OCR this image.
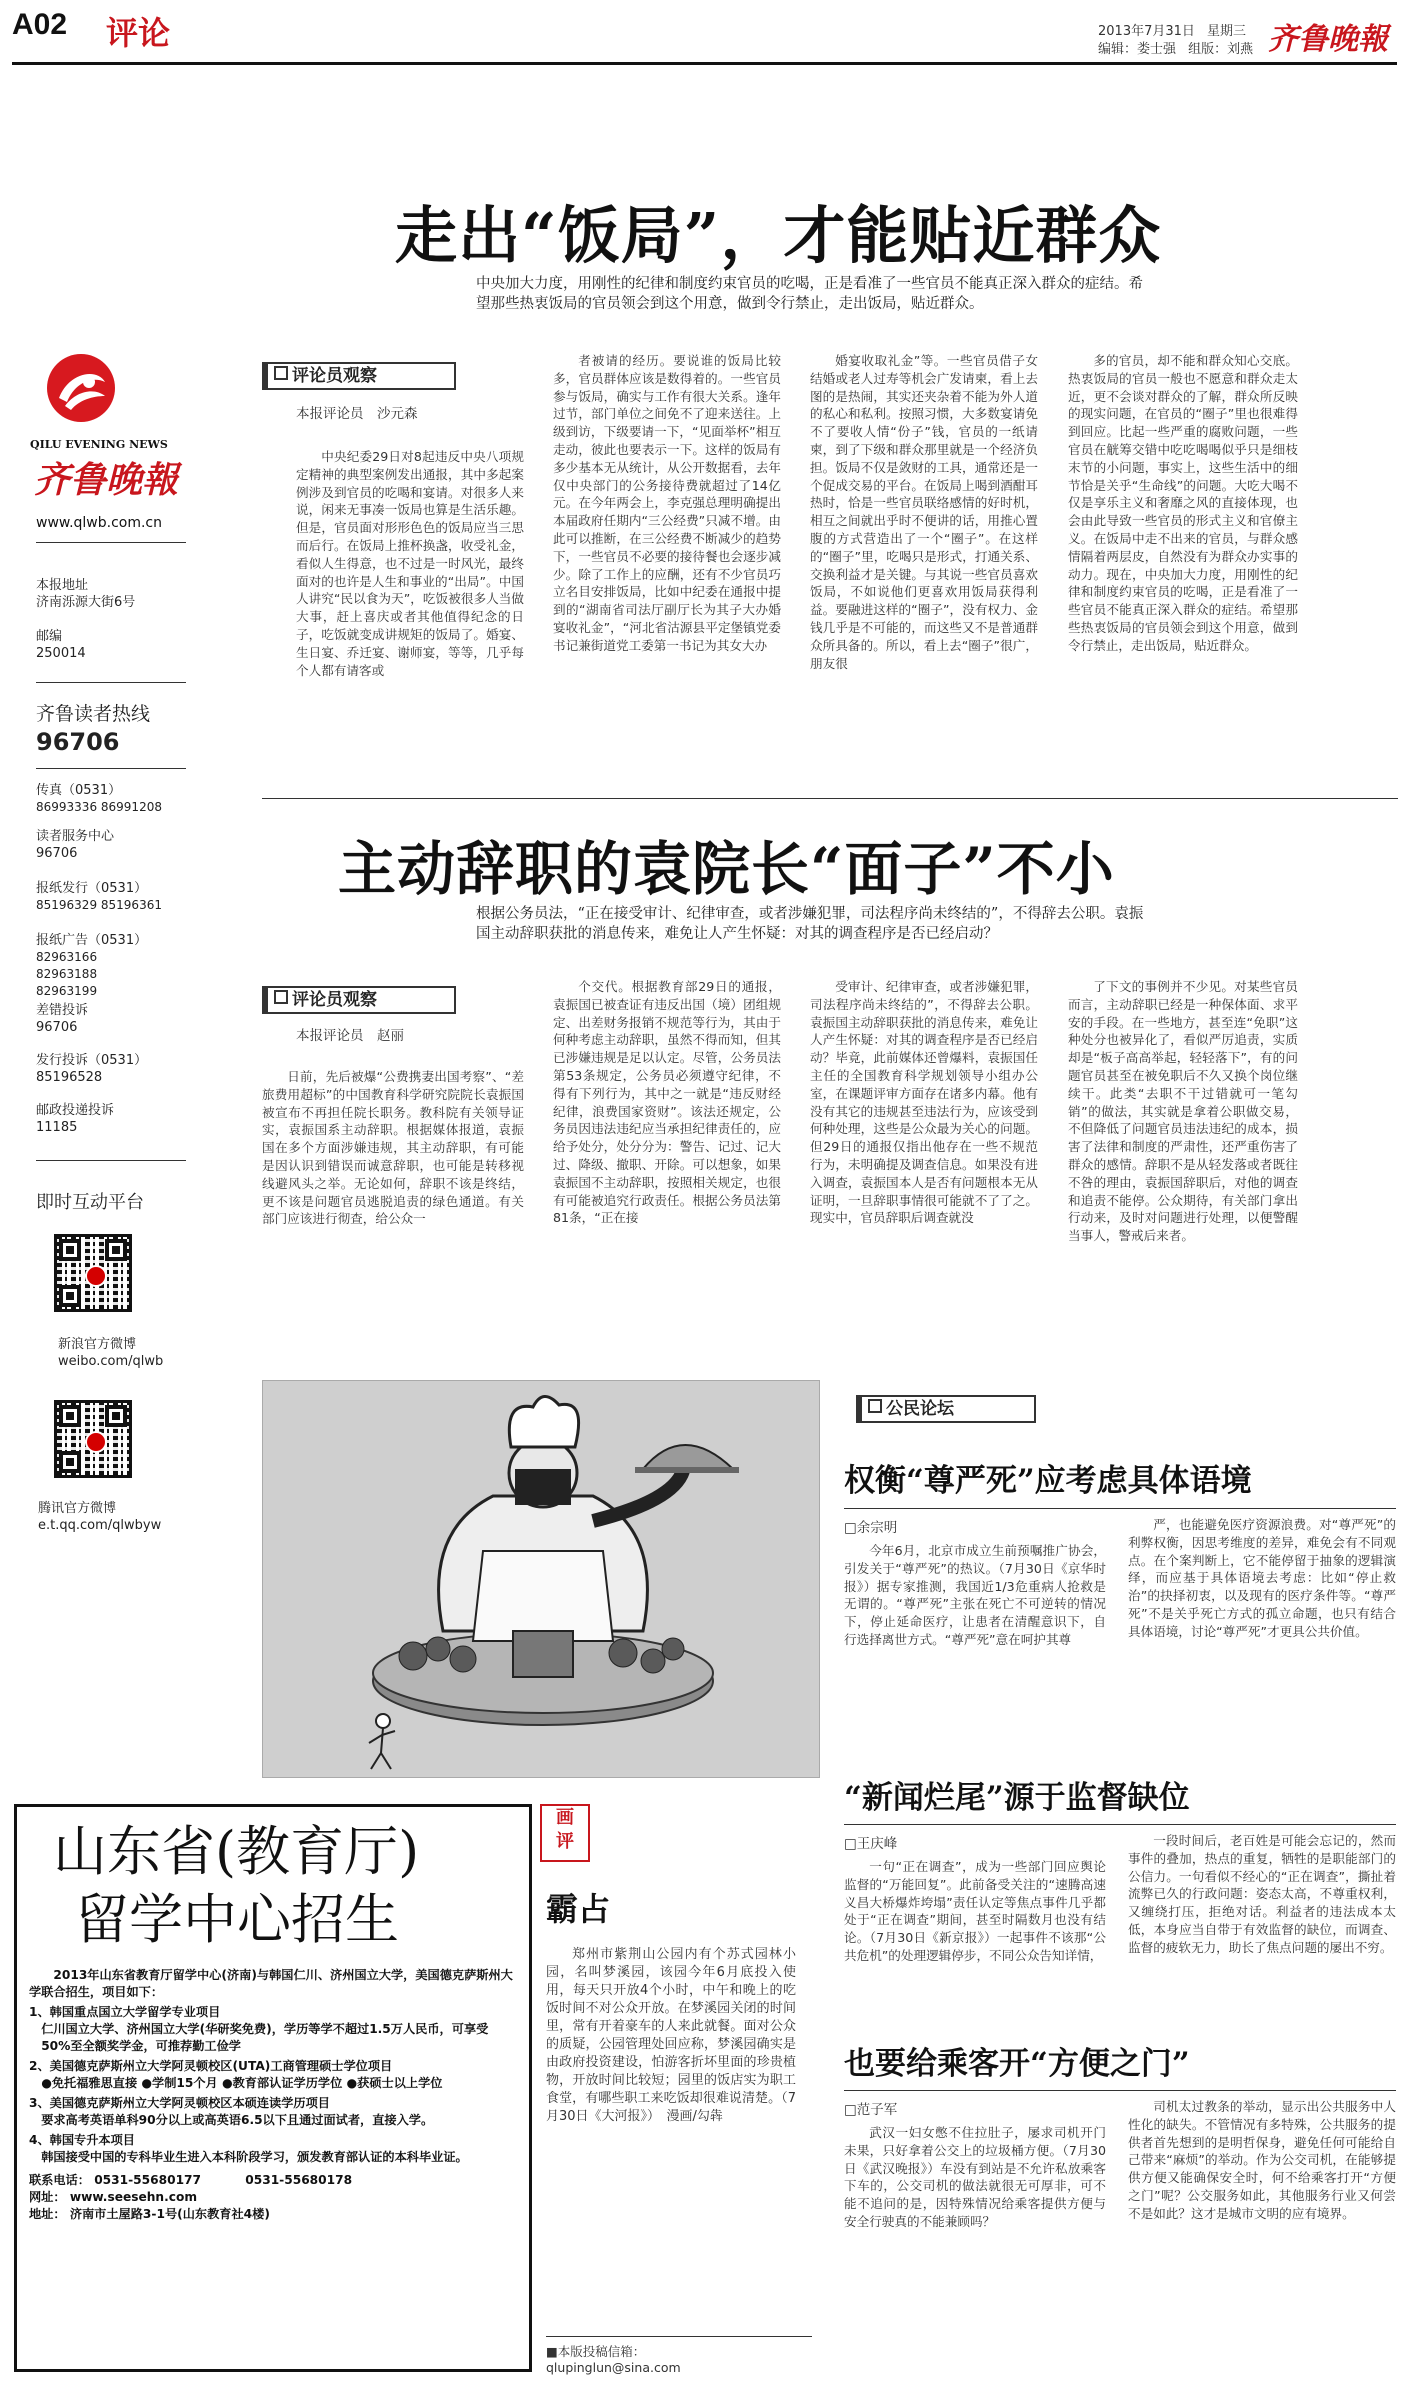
A02 评论	2013年7月31日 星期三
编辑：娄士强 组版：刘燕 齐鲁晚報
QILU EVENING NEWS
齐鲁晚報
www.qlwb.com.cn
本报地址
济南泺源大街6号
邮编
250014
齐鲁读者热线
96706
传真（0531）
86993336 86991208
读者服务中心
96706
报纸发行（0531）
85196329 85196361
报纸广告（0531）
82963166 82963188 82963199
差错投诉
96706
发行投诉（0531）
85196528
邮政投递投诉
11185
即时互动平台
新浪官方微博
weibo.com/qlwb
腾讯官方微博
e.t.qq.com/qlwbyw
走出“饭局”，才能贴近群众
中央加大力度，用刚性的纪律和制度约束官员的吃喝，正是看准了一些官员不能真正深入群众的症结。希望那些热衷饭局的官员领会到这个用意，做到令行禁止，走出饭局，贴近群众。
评论员观察
本报评论员　沙元森

中央纪委29日对8起违反中央八项规定精神的典型案例发出通报，其中多起案例涉及到官员的吃喝和宴请。对很多人来说，闲来无事凑一饭局也算是生活乐趣。但是，官员面对形形色色的饭局应当三思而后行。在饭局上推杯换盏，收受礼金，看似人生得意，也不过是一时风光，最终面对的也许是人生和事业的“出局”。中国人讲究“民以食为天”，吃饭被很多人当做大事，赶上喜庆或者其他值得纪念的日子，吃饭就变成讲规矩的饭局了。婚宴、生日宴、乔迁宴、谢师宴，等等，几乎每个人都有请客或

者被请的经历。要说谁的饭局比较多，官员群体应该是数得着的。一些官员参与饭局，确实与工作有很大关系。逢年过节，部门单位之间免不了迎来送往。上级到访，下级要请一下，“见面举杯”相互走动，彼此也要表示一下。这样的饭局有多少基本无从统计，从公开数据看，去年仅中央部门的公务接待费就超过了14亿元。在今年两会上，李克强总理明确提出本届政府任期内“三公经费”只减不增。由此可以推断，在三公经费不断减少的趋势下，一些官员不必要的接待餐也会逐步减少。除了工作上的应酬，还有不少官员巧立名目安排饭局，比如中纪委在通报中提到的“湖南省司法厅副厅长为其子大办婚宴收礼金”，“河北省沽源县平定堡镇党委书记兼街道党工委第一书记为其女大办

婚宴收取礼金”等。一些官员借子女结婚或老人过寿等机会广发请柬，看上去图的是热闹，其实还夹杂着不能为外人道的私心和私利。按照习惯，大多数宴请免不了要收人情“份子”钱，官员的一纸请柬，到了下级和群众那里就是一个经济负担。饭局不仅是敛财的工具，通常还是一个促成交易的平台。在饭局上喝到酒酣耳热时，恰是一些官员联络感情的好时机，相互之间就出乎时不便讲的话，用推心置腹的方式营造出了一个“圈子”。在这样的“圈子”里，吃喝只是形式，打通关系、交换利益才是关键。与其说一些官员喜欢饭局，不如说他们更喜欢用饭局获得利益。要融进这样的“圈子”，没有权力、金钱几乎是不可能的，而这些又不是普通群众所具备的。所以，看上去“圈子”很广，朋友很

多的官员，却不能和群众知心交底。热衷饭局的官员一般也不愿意和群众走太近，更不会谈对群众的了解，群众所反映的现实问题，在官员的“圈子”里也很难得到回应。比起一些严重的腐败问题，一些官员在觥筹交错中吃吃喝喝似乎只是细枝末节的小问题，事实上，这些生活中的细节恰是关乎“生命线”的问题。大吃大喝不仅是享乐主义和奢靡之风的直接体现，也会由此导致一些官员的形式主义和官僚主义。在饭局中走不出来的官员，与群众感情隔着两层皮，自然没有为群众办实事的动力。现在，中央加大力度，用刚性的纪律和制度约束官员的吃喝，正是看准了一些官员不能真正深入群众的症结。希望那些热衷饭局的官员领会到这个用意，做到令行禁止，走出饭局，贴近群众。

主动辞职的袁院长“面子”不小
根据公务员法，“正在接受审计、纪律审查，或者涉嫌犯罪，司法程序尚未终结的”，不得辞去公职。袁振国主动辞职获批的消息传来，难免让人产生怀疑：对其的调查程序是否已经启动？
评论员观察
本报评论员　赵丽

日前，先后被爆“公费携妻出国考察”、“差旅费用超标”的中国教育科学研究院院长袁振国被宣布不再担任院长职务。教科院有关领导证实，袁振国系主动辞职。根据媒体报道，袁振国在多个方面涉嫌违规，其主动辞职，有可能是因认识到错误而诚意辞职，也可能是转移视线避风头之举。无论如何，辞职不该是终结，更不该是问题官员逃脱追责的绿色通道。有关部门应该进行彻查，给公众一

个交代。根据教育部29日的通报，袁振国已被查证有违反出国（境）团组规定、出差财务报销不规范等行为，其由于何种考虑主动辞职，虽然不得而知，但其已涉嫌违规是足以认定。尽管，公务员法第53条规定，公务员必须遵守纪律，不得有下列行为，其中之一就是“违反财经纪律，浪费国家资财”。该法还规定，公务员因违法违纪应当承担纪律责任的，应给予处分，处分分为：警告、记过、记大过、降级、撤职、开除。可以想象，如果袁振国不主动辞职，按照相关规定，也很有可能被追究行政责任。根据公务员法第81条，“正在接

受审计、纪律审查，或者涉嫌犯罪，司法程序尚未终结的”，不得辞去公职。袁振国主动辞职获批的消息传来，难免让人产生怀疑：对其的调查程序是否已经启动？毕竟，此前媒体还曾爆料，袁振国任主任的全国教育科学规划领导小组办公室，在课题评审方面存在诸多内幕。他有没有其它的违规甚至违法行为，应该受到何种处理，这些是公众最为关心的问题。但29日的通报仅指出他存在一些不规范行为，未明确提及调查信息。如果没有进入调查，袁振国本人是否有问题根本无从证明，一旦辞职事情很可能就不了了之。现实中，官员辞职后调查就没

了下文的事例并不少见。对某些官员而言，主动辞职已经是一种保体面、求平安的手段。在一些地方，甚至连“免职”这种处分也被异化了，看似严厉追责，实质却是“板子高高举起，轻轻落下”，有的问题官员甚至在被免职后不久又换个岗位继续干。此类“去职不干过错就可一笔勾销”的做法，其实就是拿着公职做交易，不但降低了问题官员违法违纪的成本，损害了法律和制度的严肃性，还严重伤害了群众的感情。辞职不是从轻发落或者既往不咎的理由，袁振国辞职后，对他的调查和追责不能停。公众期待，有关部门拿出行动来，及时对问题进行处理，以便警醒当事人，警戒后来者。

公民论坛
权衡“尊严死”应考虑具体语境
□余宗明

今年6月，北京市成立生前预嘱推广协会，引发关于“尊严死”的热议。（7月30日《京华时报》）据专家推测，我国近1/3危重病人抢救是无谓的。“尊严死”主张在死亡不可逆转的情况下，停止延命医疗，让患者在清醒意识下，自行选择离世方式。“尊严死”意在呵护其尊

严，也能避免医疗资源浪费。对“尊严死”的利弊权衡，因思考维度的差异，难免会有不同观点。在个案判断上，它不能停留于抽象的逻辑演绎，而应基于具体语境去考虑：比如“停止救治”的抉择初衷，以及现有的医疗条件等。“尊严死”不是关乎死亡方式的孤立命题，也只有结合具体语境，讨论“尊严死”才更具公共价值。

“新闻烂尾”源于监督缺位
□王庆峰

一句“正在调查”，成为一些部门回应舆论监督的“万能回复”。此前备受关注的“速腾高速义昌大桥爆炸垮塌”责任认定等焦点事件几乎都处于“正在调查”期间，甚至时隔数月也没有结论。（7月30日《新京报》）一起事件不该那“公共危机”的处理逻辑停步，不同公众告知详情，

一段时间后，老百姓是可能会忘记的，然而事件的叠加，热点的重复，牺牲的是职能部门的公信力。一句看似不经心的“正在调查”，撕扯着流弊已久的行政问题：姿态太高，不尊重权利，又缠绕打压，拒绝对话。利益者的违法成本太低，本身应当自带于有效监督的缺位，而调查、监督的疲软无力，助长了焦点问题的屡出不穷。

也要给乘客开“方便之门”
□范子军

武汉一妇女憋不住拉肚子，屡求司机开门未果，只好拿着公交上的垃圾桶方便。（7月30日《武汉晚报》）车没有到站是不允许私放乘客下车的，公交司机的做法就很无可厚非，可不能不追问的是，因特殊情况给乘客提供方便与安全行驶真的不能兼顾吗？

司机太过教条的举动，显示出公共服务中人性化的缺失。不管情况有多特殊，公共服务的提供者首先想到的是明哲保身，避免任何可能给自己带来“麻烦”的举动。作为公交司机，在能够提供方便又能确保安全时，何不给乘客打开“方便之门”呢？公交服务如此，其他服务行业又何尝不是如此？这才是城市文明的应有境界。

画
评
霸占

郑州市紫荆山公园内有个苏式园林小园，名叫梦溪园，该园今年6月底投入使用，每天只开放4个小时，中午和晚上的吃饭时间不对公众开放。在梦溪园关闭的时间里，常有开着豪车的人来此就餐。面对公众的质疑，公园管理处回应称，梦溪园确实是由政府投资建设，怕游客折坏里面的珍贵植物，开放时间比较短；园里的饭店实为职工食堂，有哪些职工来吃饭却很难说清楚。（7月30日《大河报》）　漫画/勾犇

■本版投稿信箱：
qlupinglun@sina.com
山东省(教育厅)
留学中心招生
2013年山东省教育厅留学中心(济南)与韩国仁川、济州国立大学，美国德克萨斯州大学联合招生，项目如下：
1、韩国重点国立大学留学专业项目
仁川国立大学、济州国立大学(华研奖免费)，学历等学不超过1.5万人民币，可享受50%至全额奖学金，可推荐勤工俭学
2、美国德克萨斯州立大学阿灵顿校区(UTA)工商管理硕士学位项目
●免托福雅思直接 ●学制15个月 ●教育部认证学历学位 ●获硕士以上学位
3、美国德克萨斯州立大学阿灵顿校区本硕连读学历项目
要求高考英语单科90分以上或高英语6.5以下且通过面试者，直接入学。
4、韩国专升本项目
韩国接受中国的专科毕业生进入本科阶段学习，颁发教育部认证的本科毕业证。
联系电话： 0531-55680177	0531-55680178
网址： www.seesehn.com
地址： 济南市土屋路3-1号(山东教育社4楼)
